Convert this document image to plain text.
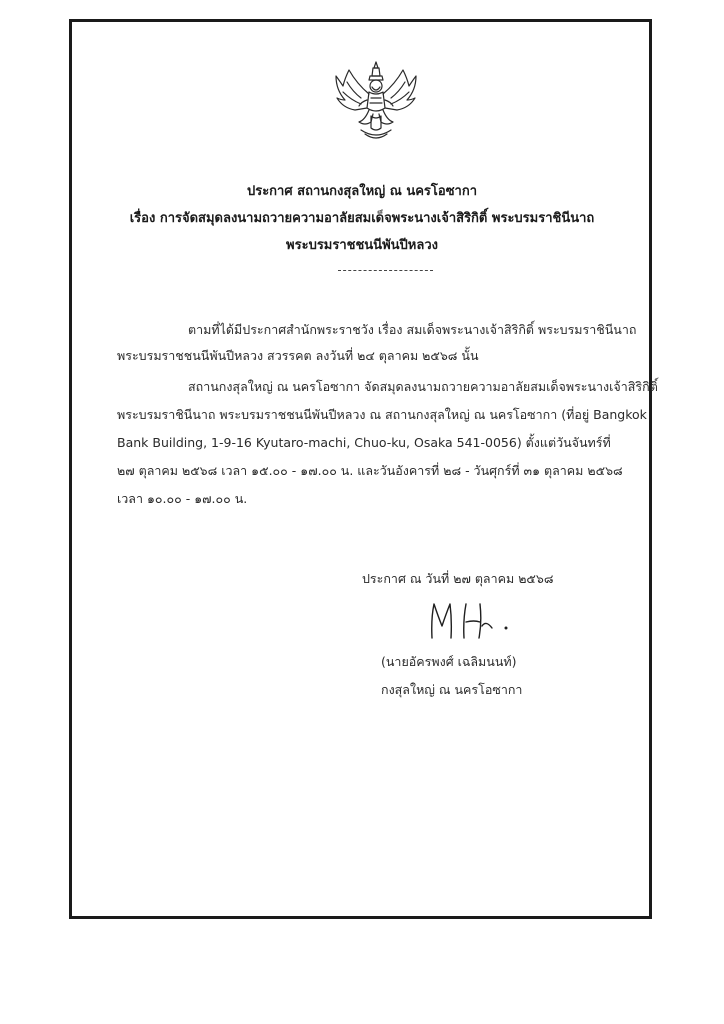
ประกาศ สถานกงสุลใหญ่ ณ นครโอซากา
เรื่อง การจัดสมุดลงนามถวายความอาลัยสมเด็จพระนางเจ้าสิริกิติ์ พระบรมราชินีนาถ
พระบรมราชชนนีพันปีหลวง
ตามที่ได้มีประกาศสำนักพระราชวัง เรื่อง สมเด็จพระนางเจ้าสิริกิติ์ พระบรมราชินีนาถ
พระบรมราชชนนีพันปีหลวง สวรรคต ลงวันที่ ๒๔ ตุลาคม ๒๕๖๘ นั้น
สถานกงสุลใหญ่ ณ นครโอซากา จัดสมุดลงนามถวายความอาลัยสมเด็จพระนางเจ้าสิริกิติ์
พระบรมราชินีนาถ พระบรมราชชนนีพันปีหลวง ณ สถานกงสุลใหญ่ ณ นครโอซากา (ที่อยู่ Bangkok
Bank Building, 1-9-16 Kyutaro-machi, Chuo-ku, Osaka 541-0056) ตั้งแต่วันจันทร์ที่
๒๗ ตุลาคม ๒๕๖๘ เวลา ๑๕.๐๐ - ๑๗.๐๐ น. และวันอังคารที่ ๒๘ - วันศุกร์ที่ ๓๑ ตุลาคม ๒๕๖๘
เวลา ๑๐.๐๐ - ๑๗.๐๐ น.
ประกาศ ณ วันที่ ๒๗ ตุลาคม ๒๕๖๘
(นายอัครพงศ์ เฉลิมนนท์)
กงสุลใหญ่ ณ นครโอซากา
